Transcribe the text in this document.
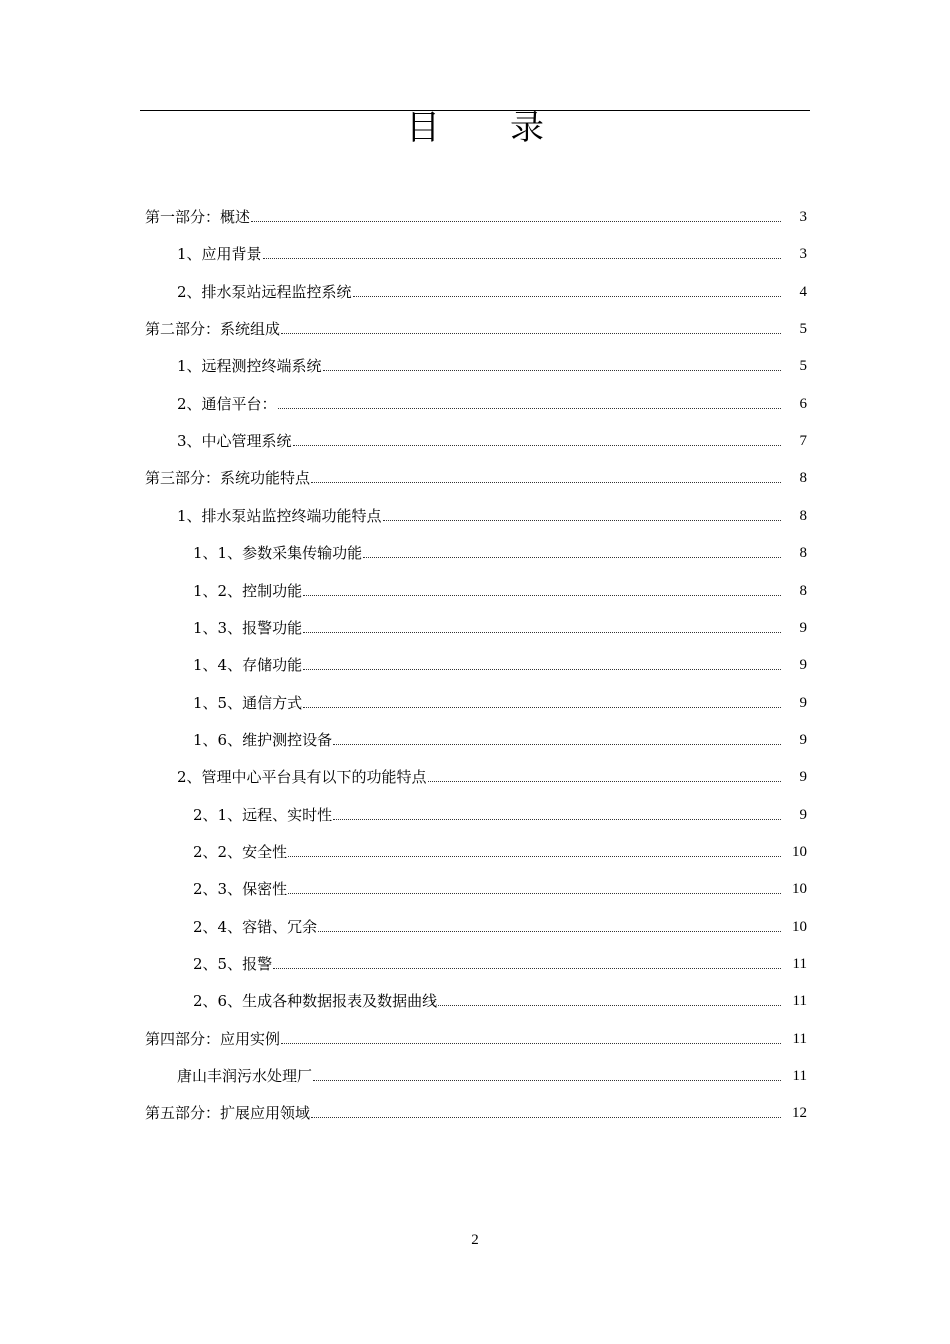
目录
第一部分：概述	3
1、应用背景	3
2、排水泵站远程监控系统	4
第二部分：系统组成	5
1、远程测控终端系统	5
2、通信平台：	6
3、中心管理系统	7
第三部分：系统功能特点	8
1、排水泵站监控终端功能特点	8
1、1、参数采集传输功能	8
1、2、控制功能	8
1、3、报警功能	9
1、4、存储功能	9
1、5、通信方式	9
1、6、维护测控设备	9
2、管理中心平台具有以下的功能特点	9
2、1、远程、实时性	9
2、2、安全性	10
2、3、保密性	10
2、4、容错、冗余	10
2、5、报警	11
2、6、生成各种数据报表及数据曲线	11
第四部分：应用实例	11
唐山丰润污水处理厂	11
第五部分：扩展应用领域	12
2
